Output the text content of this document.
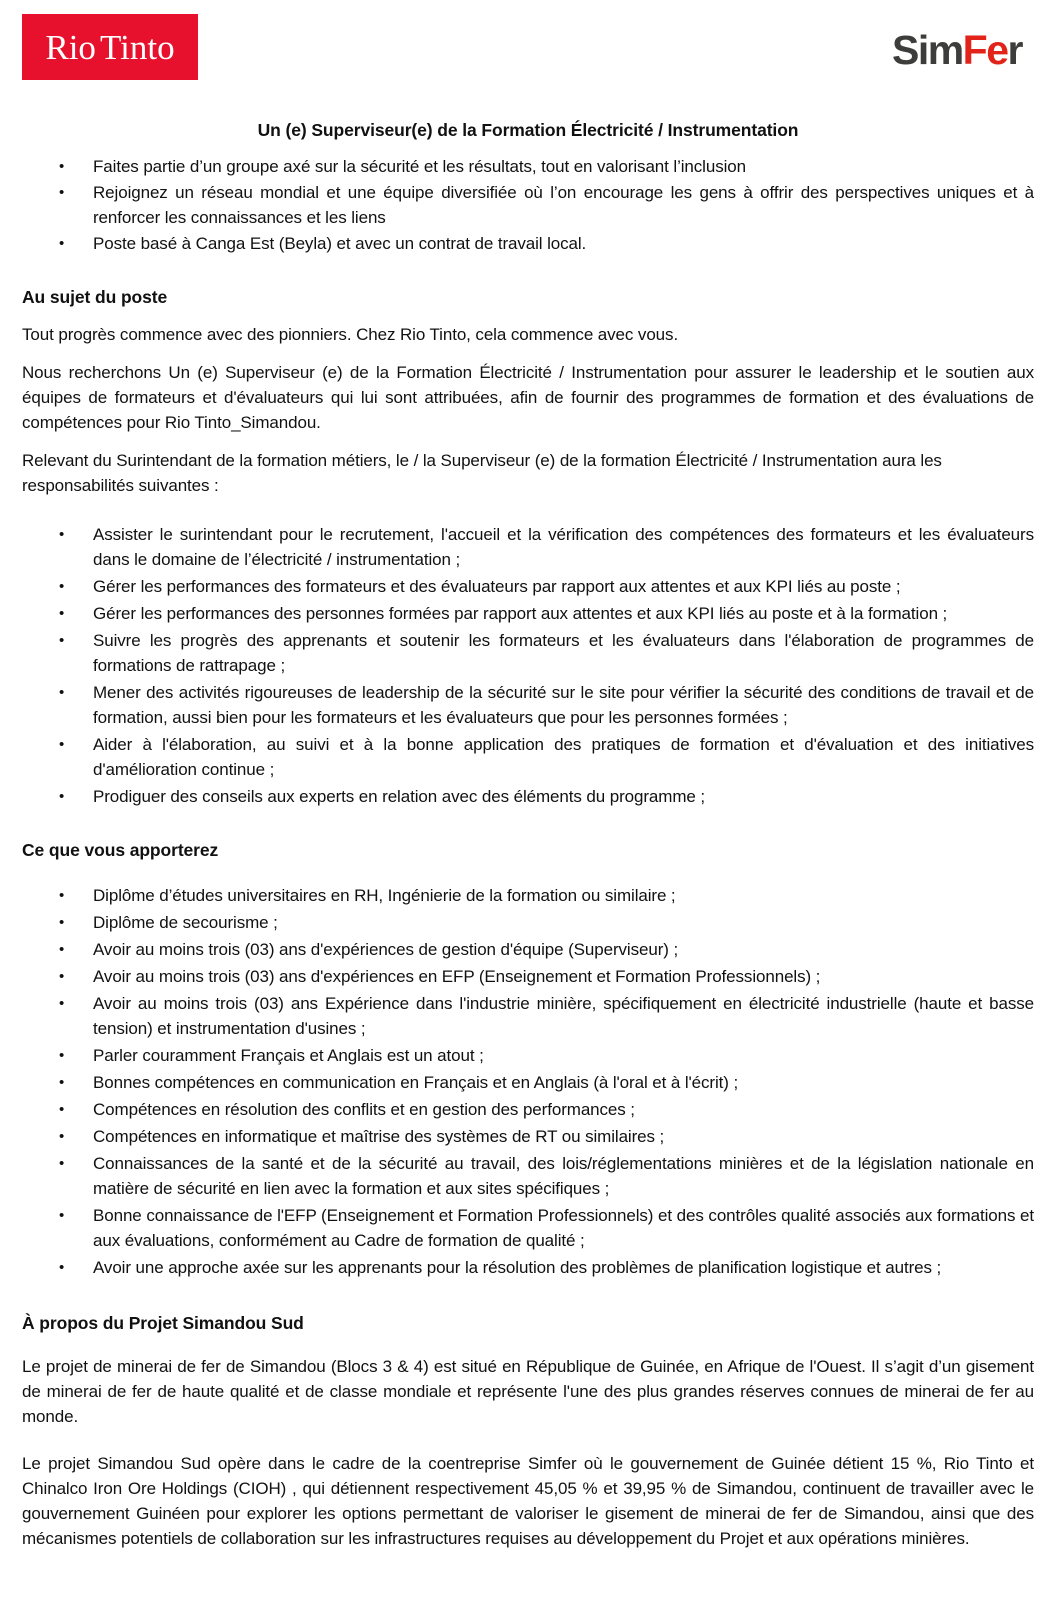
Rio Tinto	SimFer
Un (e) Superviseur(e) de la Formation Électricité / Instrumentation
• Faites partie d’un groupe axé sur la sécurité et les résultats, tout en valorisant l’inclusion
• Rejoignez un réseau mondial et une équipe diversifiée où l’on encourage les gens à offrir des perspectives uniques et à renforcer les connaissances et les liens
• Poste basé à Canga Est (Beyla) et avec un contrat de travail local.
Au sujet du poste

Tout progrès commence avec des pionniers. Chez Rio Tinto, cela commence avec vous.

Nous recherchons Un (e) Superviseur (e) de la Formation Électricité / Instrumentation pour assurer le leadership et le soutien aux équipes de formateurs et d'évaluateurs qui lui sont attribuées, afin de fournir des programmes de formation et des évaluations de compétences pour Rio Tinto_Simandou.

Relevant du Surintendant de la formation métiers, le / la Superviseur (e) de la formation Électricité / Instrumentation aura les responsabilités suivantes :

• Assister le surintendant pour le recrutement, l'accueil et la vérification des compétences des formateurs et les évaluateurs dans le domaine de l’électricité / instrumentation ;
• Gérer les performances des formateurs et des évaluateurs par rapport aux attentes et aux KPI liés au poste ;
• Gérer les performances des personnes formées par rapport aux attentes et aux KPI liés au poste et à la formation ;
• Suivre les progrès des apprenants et soutenir les formateurs et les évaluateurs dans l'élaboration de programmes de formations de rattrapage ;
• Mener des activités rigoureuses de leadership de la sécurité sur le site pour vérifier la sécurité des conditions de travail et de formation, aussi bien pour les formateurs et les évaluateurs que pour les personnes formées ;
• Aider à l'élaboration, au suivi et à la bonne application des pratiques de formation et d'évaluation et des initiatives d'amélioration continue ;
• Prodiguer des conseils aux experts en relation avec des éléments du programme ;
Ce que vous apporterez
• Diplôme d’études universitaires en RH, Ingénierie de la formation ou similaire ;
• Diplôme de secourisme ;
• Avoir au moins trois (03) ans d'expériences de gestion d'équipe (Superviseur) ;
• Avoir au moins trois (03) ans d'expériences en EFP (Enseignement et Formation Professionnels) ;
• Avoir au moins trois (03) ans Expérience dans l'industrie minière, spécifiquement en électricité industrielle (haute et basse tension) et instrumentation d'usines ;
• Parler couramment Français et Anglais est un atout ;
• Bonnes compétences en communication en Français et en Anglais (à l'oral et à l'écrit) ;
• Compétences en résolution des conflits et en gestion des performances ;
• Compétences en informatique et maîtrise des systèmes de RT ou similaires ;
• Connaissances de la santé et de la sécurité au travail, des lois/réglementations minières et de la législation nationale en matière de sécurité en lien avec la formation et aux sites spécifiques ;
• Bonne connaissance de l'EFP (Enseignement et Formation Professionnels) et des contrôles qualité associés aux formations et aux évaluations, conformément au Cadre de formation de qualité ;
• Avoir une approche axée sur les apprenants pour la résolution des problèmes de planification logistique et autres ;
À propos du Projet Simandou Sud

Le projet de minerai de fer de Simandou (Blocs 3 & 4) est situé en République de Guinée, en Afrique de l'Ouest. Il s’agit d’un gisement de minerai de fer de haute qualité et de classe mondiale et représente l'une des plus grandes réserves connues de minerai de fer au monde.

Le projet Simandou Sud opère dans le cadre de la coentreprise Simfer où le gouvernement de Guinée détient 15 %, Rio Tinto et Chinalco Iron Ore Holdings (CIOH) , qui détiennent respectivement 45,05 % et 39,95 % de Simandou, continuent de travailler avec le gouvernement Guinéen pour explorer les options permettant de valoriser le gisement de minerai de fer de Simandou, ainsi que des mécanismes potentiels de collaboration sur les infrastructures requises au développement du Projet et aux opérations minières.
